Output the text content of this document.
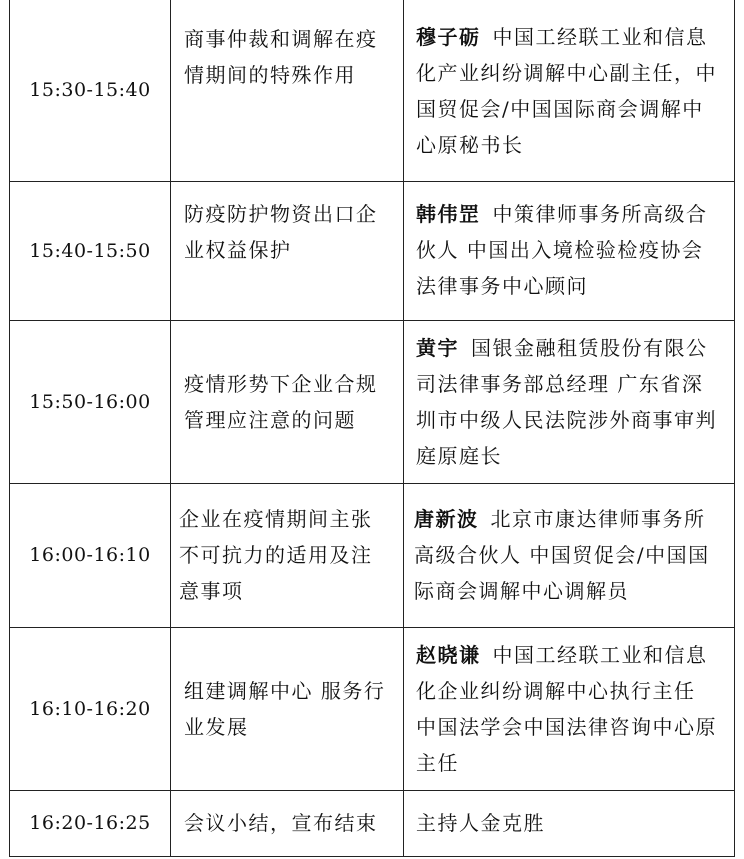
15:30-15:40	商事仲裁和调解在疫情期间的特殊作用	穆子砺 中国工经联工业和信息化产业纠纷调解中心副主任，中国贸促会/中国国际商会调解中心原秘书长
15:40-15:50	防疫防护物资出口企业权益保护	韩伟罡 中策律师事务所高级合伙人 中国出入境检验检疫协会法律事务中心顾问
15:50-16:00	疫情形势下企业合规管理应注意的问题	黄宇 国银金融租赁股份有限公司法律事务部总经理 广东省深圳市中级人民法院涉外商事审判庭原庭长
16:00-16:10	企业在疫情期间主张不可抗力的适用及注意事项	唐新波 北京市康达律师事务所 高级合伙人 中国贸促会/中国国际商会调解中心调解员
16:10-16:20	组建调解中心 服务行业发展	赵晓谦 中国工经联工业和信息化企业纠纷调解中心执行主任 中国法学会中国法律咨询中心原主任
16:20-16:25	会议小结，宣布结束	主持人金克胜
